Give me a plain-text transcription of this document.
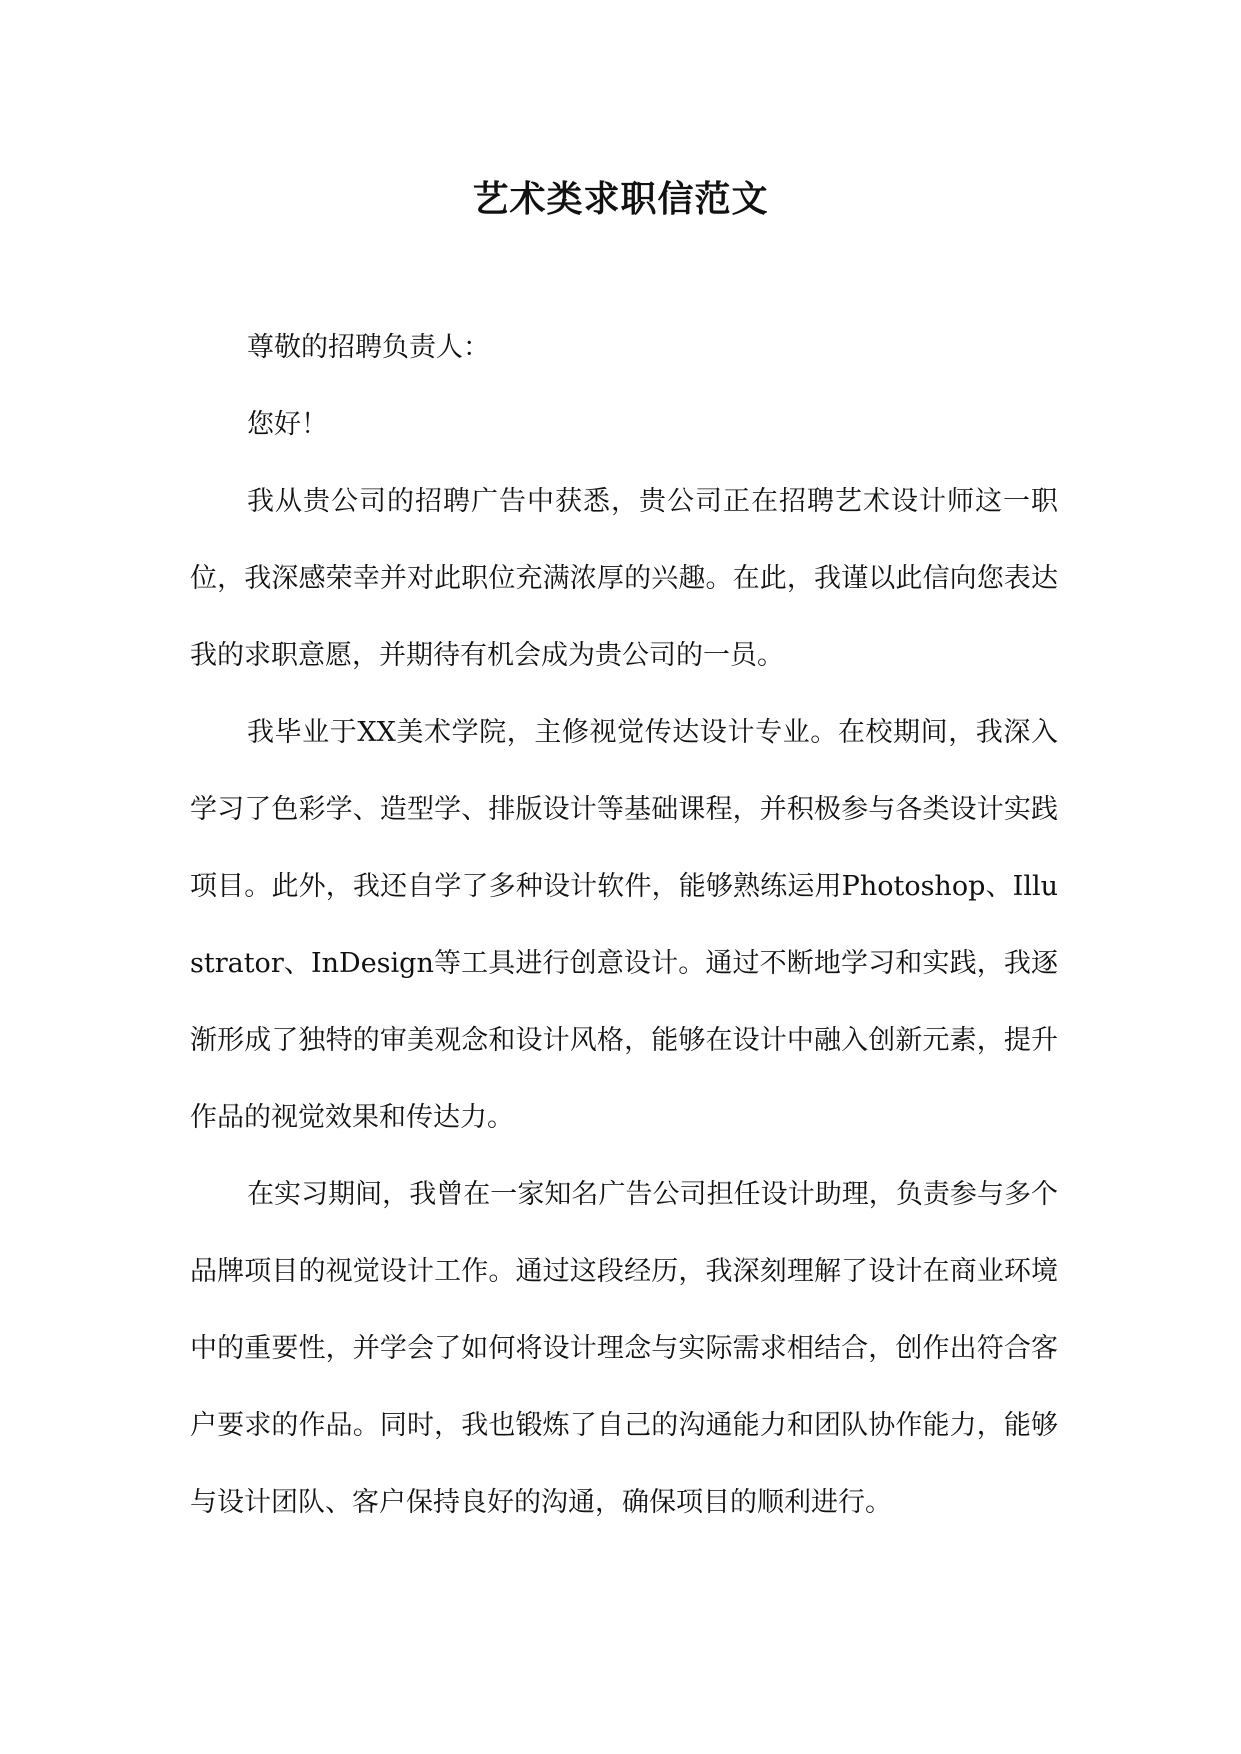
艺术类求职信范文

尊敬的招聘负责人：

您好！

我从贵公司的招聘广告中获悉，贵公司正在招聘艺术设计师这一职位，我深感荣幸并对此职位充满浓厚的兴趣。在此，我谨以此信向您表达我的求职意愿，并期待有机会成为贵公司的一员。

我毕业于XX美术学院，主修视觉传达设计专业。在校期间，我深入学习了色彩学、造型学、排版设计等基础课程，并积极参与各类设计实践项目。此外，我还自学了多种设计软件，能够熟练运用Photoshop、Illustrator、InDesign等工具进行创意设计。通过不断地学习和实践，我逐渐形成了独特的审美观念和设计风格，能够在设计中融入创新元素，提升作品的视觉效果和传达力。

在实习期间，我曾在一家知名广告公司担任设计助理，负责参与多个品牌项目的视觉设计工作。通过这段经历，我深刻理解了设计在商业环境中的重要性，并学会了如何将设计理念与实际需求相结合，创作出符合客户要求的作品。同时，我也锻炼了自己的沟通能力和团队协作能力，能够与设计团队、客户保持良好的沟通，确保项目的顺利进行。
